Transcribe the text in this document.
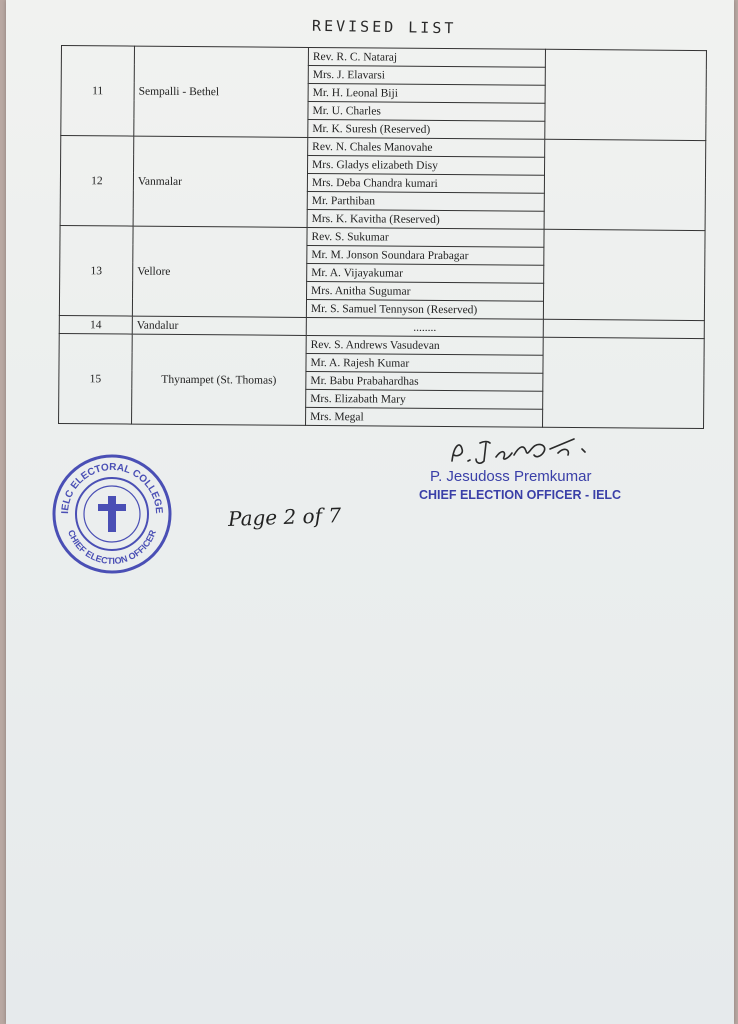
REVISED LIST
11	Sempalli - Bethel	Rev. R. C. Nataraj	
		Mrs. J. Elavarsi	
		Mr. H. Leonal Biji	
		Mr. U. Charles	
		Mr. K. Suresh (Reserved)	
12	Vanmalar	Rev. N. Chales Manovahe	
		Mrs. Gladys elizabeth Disy	
		Mrs. Deba Chandra kumari	
		Mr. Parthiban	
		Mrs. K. Kavitha (Reserved)	
13	Vellore	Rev. S. Sukumar	
		Mr. M. Jonson Soundara Prabagar	
		Mr. A. Vijayakumar	
		Mrs. Anitha Sugumar	
		Mr. S. Samuel Tennyson (Reserved)	
14	Vandalur	........	
15	Thynampet (St. Thomas)	Rev. S. Andrews Vasudevan	
		Mr. A. Rajesh Kumar	
		Mr. Babu Prabahardhas	
		Mrs. Elizabath Mary	
		Mrs. Megal	
IELC ELECTORAL COLLEGE
CHIEF ELECTION OFFICER
P. Jesudoss Premkumar
CHIEF ELECTION OFFICER - IELC
Page 2 of 7
